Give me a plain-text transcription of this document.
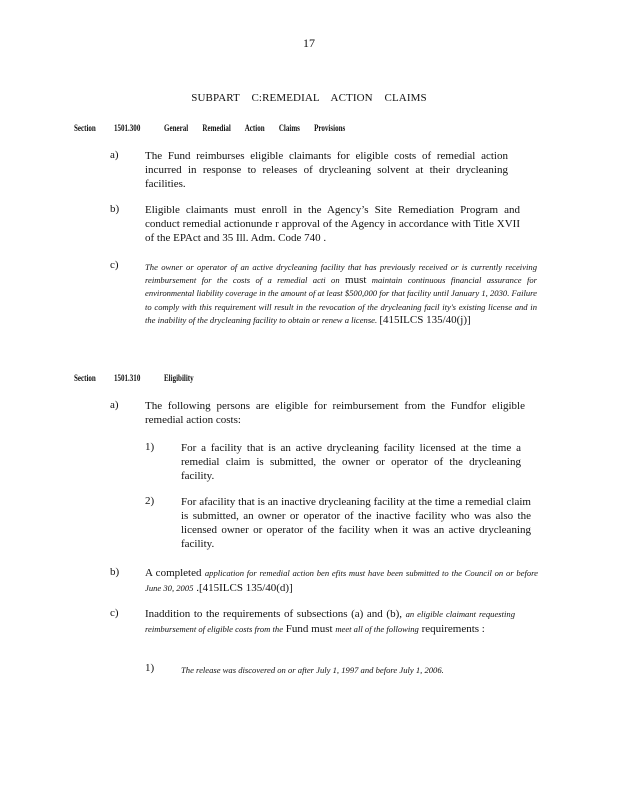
17
SUBPART C:REMEDIAL ACTION CLAIMS
Section 1501.300	General Remedial Action Claims Provisions
a) The Fund reimburses eligible claimants for eligible costs of remedial action incurred in response to releases of drycleaning solvent at their drycleaning facilities.
b) Eligible claimants must enroll in the Agency’s Site Remediation Program and conduct remedial actionunde r approval of the Agency in accordance with Title XVII of the EPAct and 35 Ill. Adm. Code 740 .
c)	The owner or operator of an active drycleaning facility that has previously received or is currently receiving reimbursement for the costs of a remedial acti on must maintain continuous financial assurance for environmental liability coverage in the amount of at least $500,000 for that facility until January 1, 2030. Failure to comply with this requirement will result in the revocation of the drycleaning facil ity's existing license and in the inability of the drycleaning facility to obtain or renew a license. [415ILCS 135/40(j)]
Section 1501.310	Eligibility
a) The following persons are eligible for reimbursement from the Fundfor eligible remedial action costs:
1) For a facility that is an active drycleaning facility licensed at the time a remedial claim is submitted, the owner or operator of the drycleaning facility.
2) For afacility that is an inactive drycleaning facility at the time a remedial claim is submitted, an owner or operator of the inactive facility who was also the licensed owner or operator of the facility when it was an active drycleaning facility.
b) A completed application for remedial action ben efits must have been submitted to the Council on or before June 30, 2005 .[415ILCS 135/40(d)]
c) Inaddition to the requirements of subsections (a) and (b), an eligible claimant requesting reimbursement of eligible costs from the Fund must meet all of the following requirements :
1)	The release was discovered on or after July 1, 1997 and before July 1, 2006.
